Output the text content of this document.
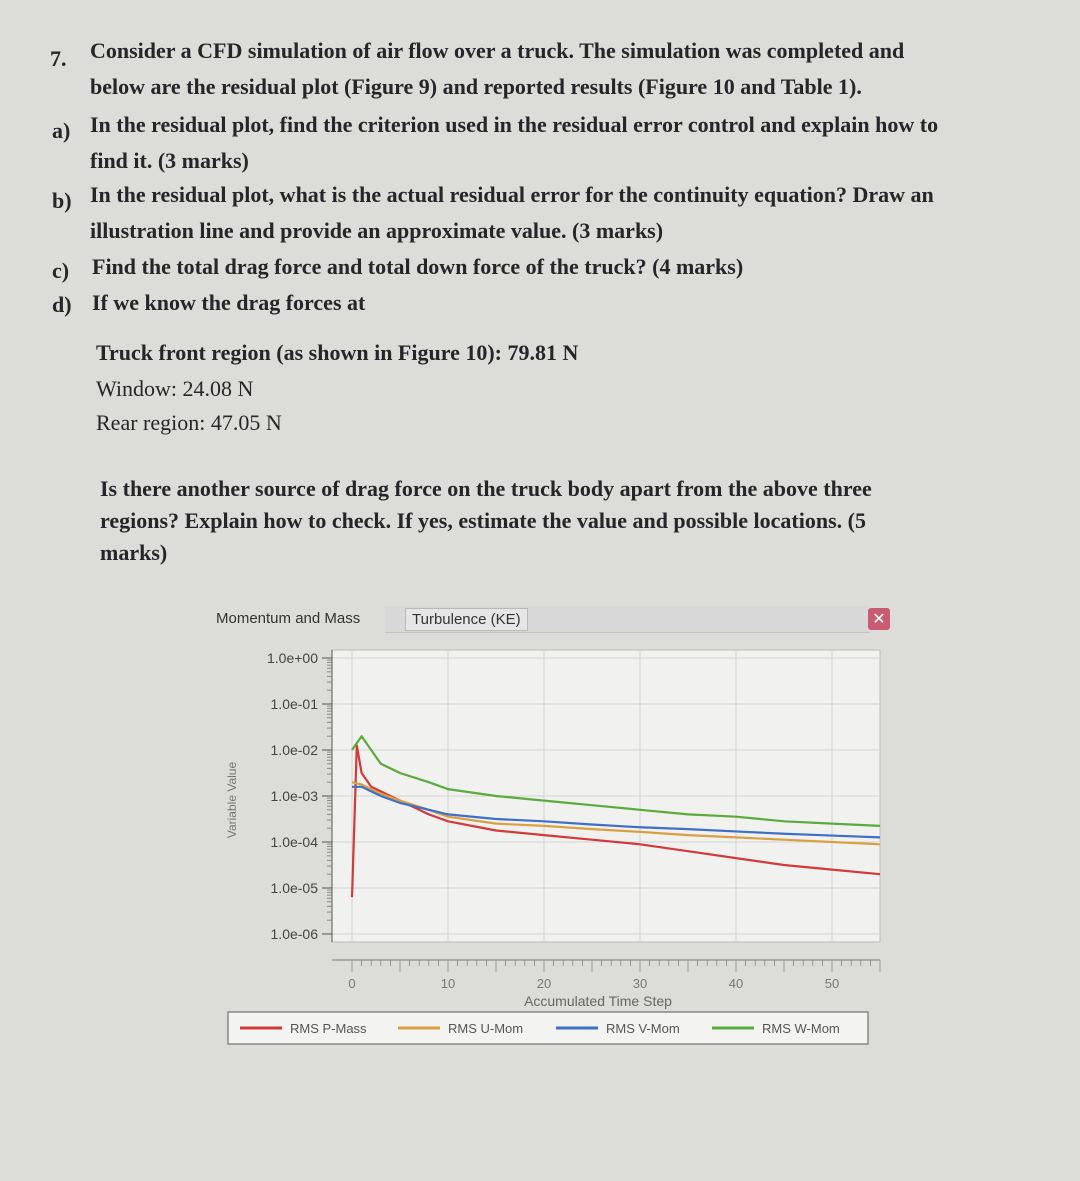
7. Consider a CFD simulation of air flow over a truck. The simulation was completed and
below are the residual plot (Figure 9) and reported results (Figure 10 and Table 1).
a) In the residual plot, find the criterion used in the residual error control and explain how to
find it. (3 marks)
b) In the residual plot, what is the actual residual error for the continuity equation? Draw an
illustration line and provide an approximate value. (3 marks)
c) Find the total drag force and total down force of the truck? (4 marks)
d) If we know the drag forces at
Truck front region (as shown in Figure 10): 79.81 N
Window: 24.08 N
Rear region: 47.05 N
Is there another source of drag force on the truck body apart from the above three
regions? Explain how to check. If yes, estimate the value and possible locations. (5
marks)
Momentum and Mass	Turbulence (KE)	✕
1.0e+00
1.0e-01
1.0e-02
1.0e-03
1.0e-04
1.0e-05
1.0e-06
0	10	20	30	40	50
Variable Value
Accumulated Time Step
RMS P-Mass	RMS U-Mom	RMS V-Mom	RMS W-Mom
